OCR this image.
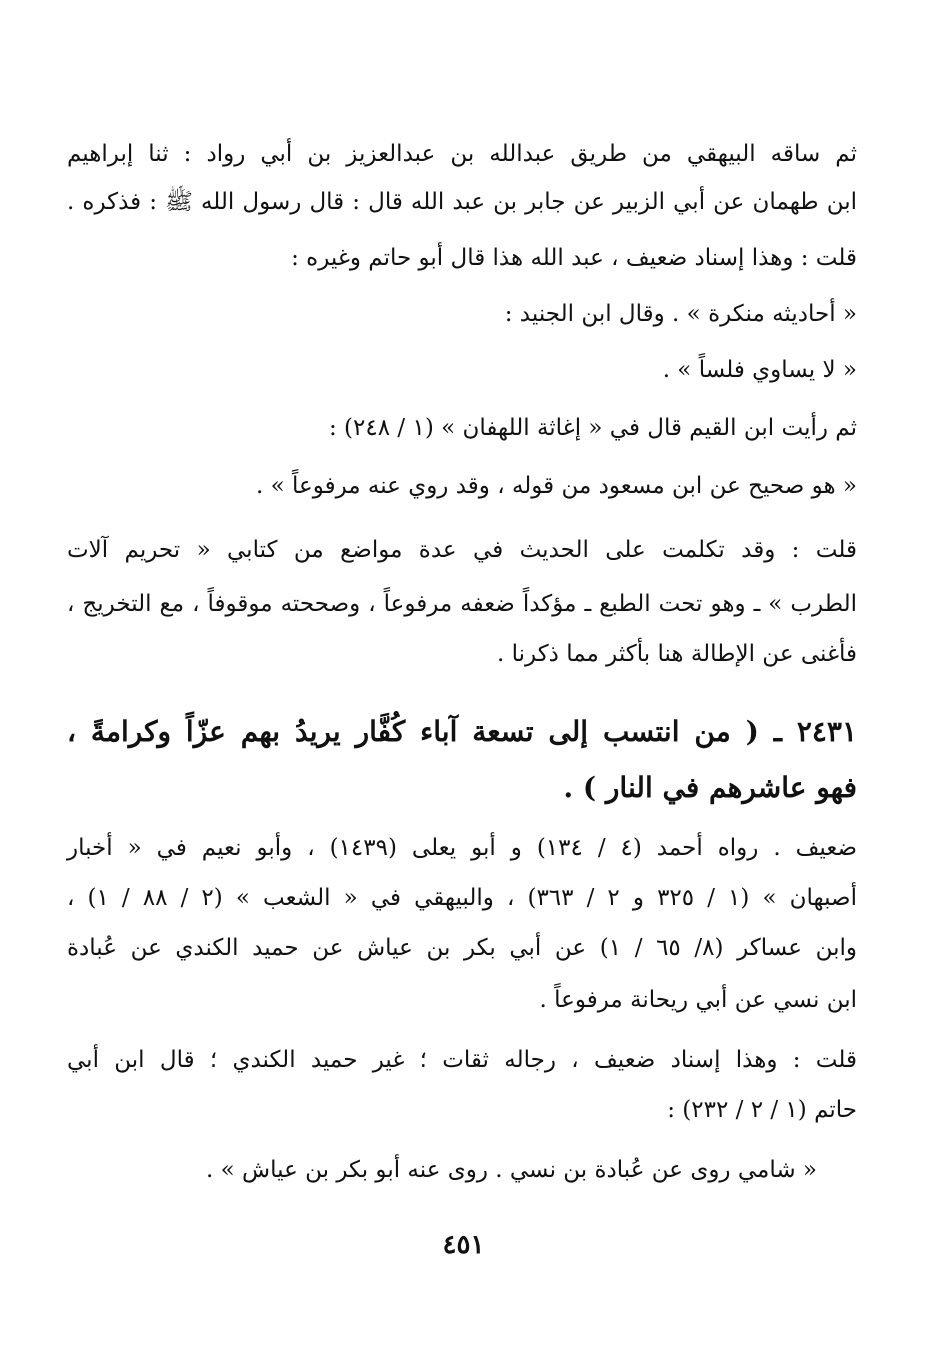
ثم ساقه البيهقي من طريق عبدالله بن عبدالعزيز بن أبي رواد : ثنا إبراهيم
ابن طهمان عن أبي الزبير عن جابر بن عبد الله قال : قال رسول الله ﷺ : فذكره .
قلت : وهذا إسناد ضعيف ، عبد الله هذا قال أبو حاتم وغيره :
« أحاديثه منكرة » . وقال ابن الجنيد :
« لا يساوي فلساً » .
ثم رأيت ابن القيم قال في « إغاثة اللهفان » (١ / ٢٤٨) :
« هو صحيح عن ابن مسعود من قوله ، وقد روي عنه مرفوعاً » .
قلت : وقد تكلمت على الحديث في عدة مواضع من كتابي « تحريم آلات
الطرب » ـ وهو تحت الطبع ـ مؤكداً ضعفه مرفوعاً ، وصححته موقوفاً ، مع التخريج ،
فأغنى عن الإطالة هنا بأكثر مما ذكرنا .
٢٤٣١ ـ ( من انتسب إلى تسعة آباء كُفَّار يريدُ بهم عزّاً وكرامةً ،
فهو عاشرهم في النار ) .
ضعيف . رواه أحمد (٤ / ١٣٤) و أبو يعلى (١٤٣٩) ، وأبو نعيم في « أخبار
أصبهان » (١ / ٣٢٥ و ٢ / ٣٦٣) ، والبيهقي في « الشعب » (٢ / ٨٨ / ١) ،
وابن عساكر (٨/ ٦٥ / ١) عن أبي بكر بن عياش عن حميد الكندي عن عُبادة
ابن نسي عن أبي ريحانة مرفوعاً .
قلت : وهذا إسناد ضعيف ، رجاله ثقات ؛ غير حميد الكندي ؛ قال ابن أبي
حاتم (١ / ٢ / ٢٣٢) :
« شامي روى عن عُبادة بن نسي . روى عنه أبو بكر بن عياش » .
٤٥١
